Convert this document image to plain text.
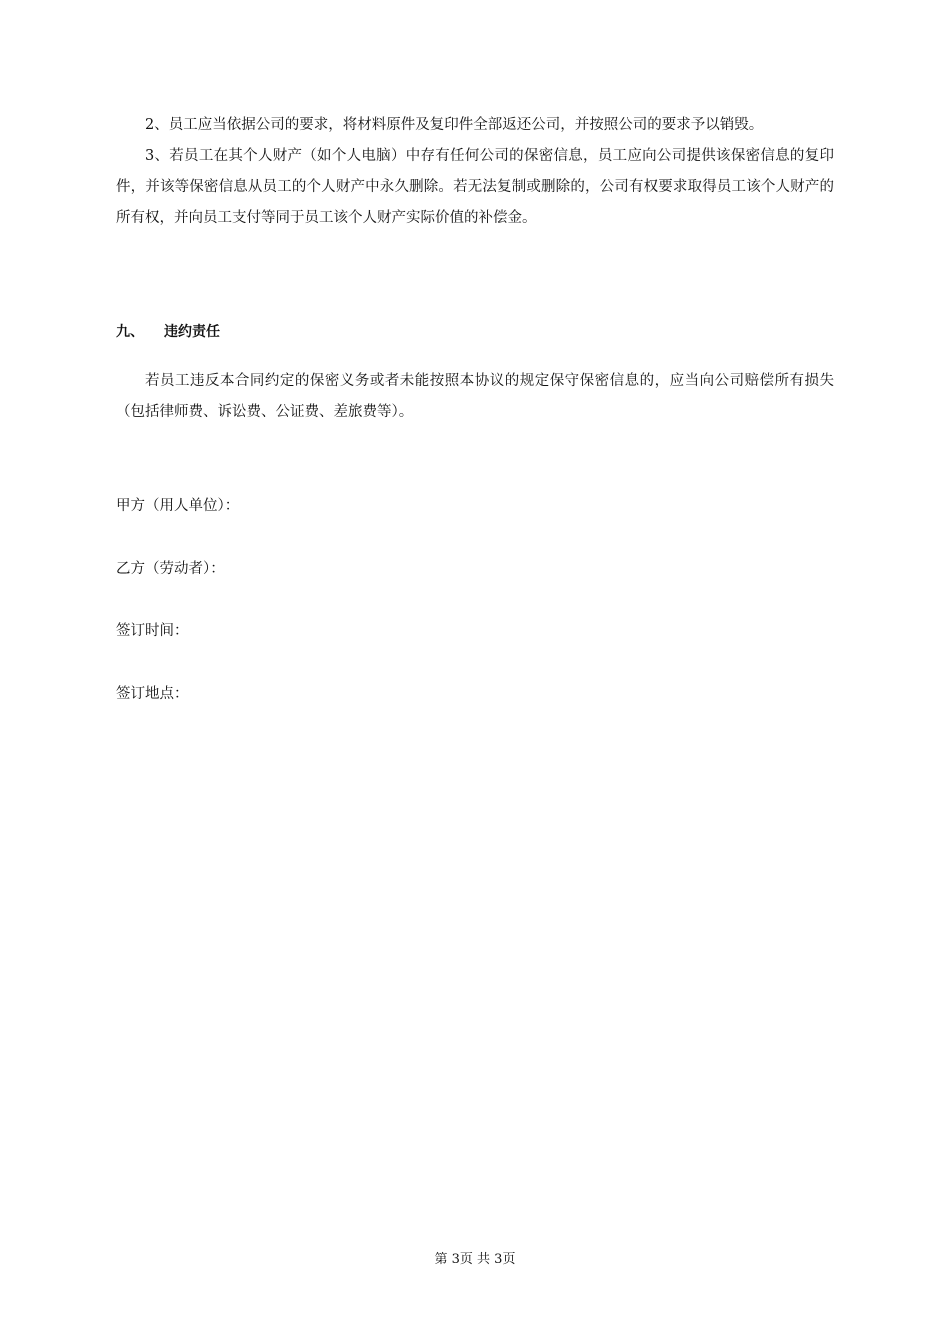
2、员工应当依据公司的要求，将材料原件及复印件全部返还公司，并按照公司的要求予以销毁。

3、若员工在其个人财产（如个人电脑）中存有任何公司的保密信息，员工应向公司提供该保密信息的复印件，并该等保密信息从员工的个人财产中永久删除。若无法复制或删除的，公司有权要求取得员工该个人财产的所有权，并向员工支付等同于员工该个人财产实际价值的补偿金。

九、 违约责任

若员工违反本合同约定的保密义务或者未能按照本协议的规定保守保密信息的，应当向公司赔偿所有损失（包括律师费、诉讼费、公证费、差旅费等）。

甲方（用人单位）：

乙方（劳动者）：

签订时间：

签订地点：

第 3页 共 3页
